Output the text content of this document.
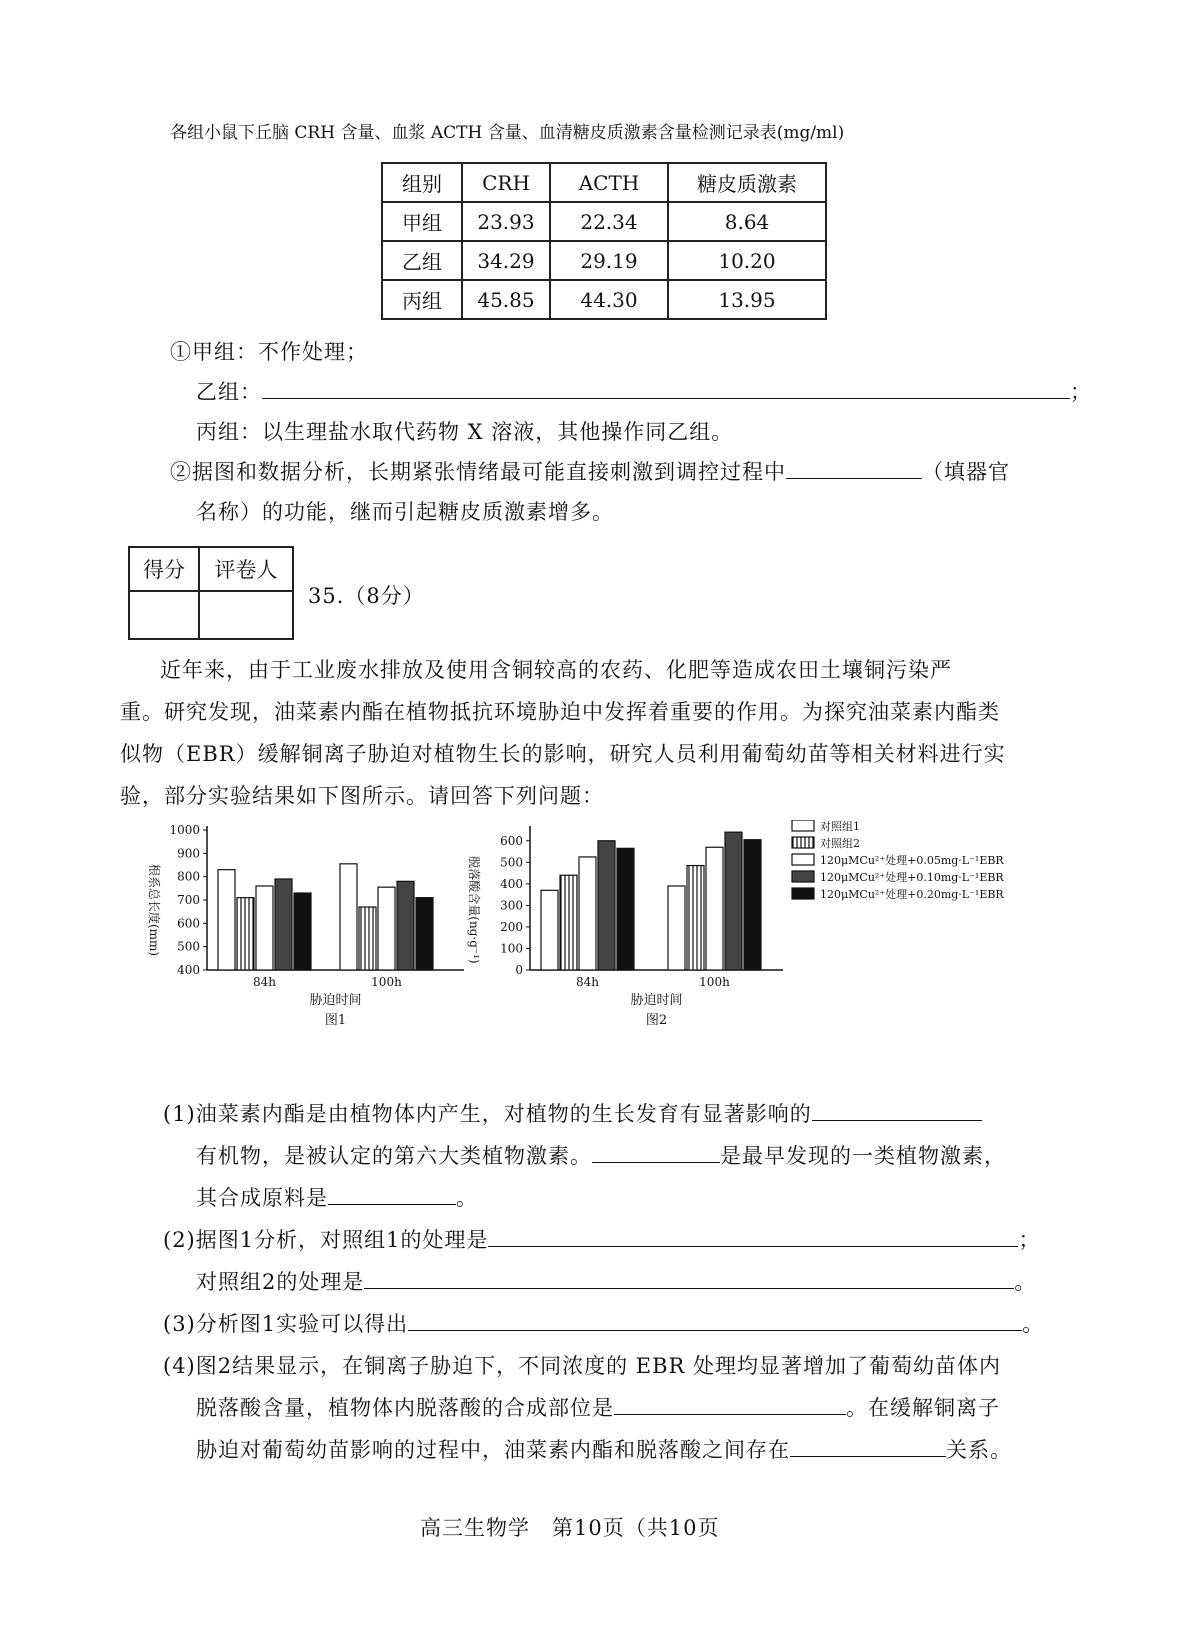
各组小鼠下丘脑 CRH 含量、血浆 ACTH 含量、血清糖皮质激素含量检测记录表(mg/ml)
组别	CRH	ACTH	糖皮质激素
甲组	23.93	22.34	8.64
乙组	34.29	29.19	10.20
丙组	45.85	44.30	13.95
①甲组：不作处理；
乙组：	；
丙组：以生理盐水取代药物 X 溶液，其他操作同乙组。
②据图和数据分析，长期紧张情绪最可能直接刺激到调控过程中	（填器官
名称）的功能，继而引起糖皮质激素增多。
得分	评卷人

35.（8分）
近年来，由于工业废水排放及使用含铜较高的农药、化肥等造成农田土壤铜污染严
重。研究发现，油菜素内酯在植物抵抗环境胁迫中发挥着重要的作用。为探究油菜素内酯类
似物（EBR）缓解铜离子胁迫对植物生长的影响，研究人员利用葡萄幼苗等相关材料进行实
验，部分实验结果如下图所示。请回答下列问题：
400
500
600
700
800
900
1000
84h	100h
胁迫时间
图1
根系总长度(mm)
0
100
200
300
400
500
600
84h	100h
胁迫时间
图2
脱落酸含量(ng·g⁻¹)
对照组1
对照组2
120μMCu²⁺处理+0.05mg·L⁻¹EBR
120μMCu²⁺处理+0.10mg·L⁻¹EBR
120μMCu²⁺处理+0.20mg·L⁻¹EBR
(1)油菜素内酯是由植物体内产生，对植物的生长发育有显著影响的
有机物，是被认定的第六大类植物激素。	是最早发现的一类植物激素，
其合成原料是	。
(2)据图1分析，对照组1的处理是	；
对照组2的处理是	。
(3)分析图1实验可以得出	。
(4)图2结果显示，在铜离子胁迫下，不同浓度的 EBR 处理均显著增加了葡萄幼苗体内
脱落酸含量，植物体内脱落酸的合成部位是	。在缓解铜离子
胁迫对葡萄幼苗影响的过程中，油菜素内酯和脱落酸之间存在	关系。
高三生物学　第10页（共10页
